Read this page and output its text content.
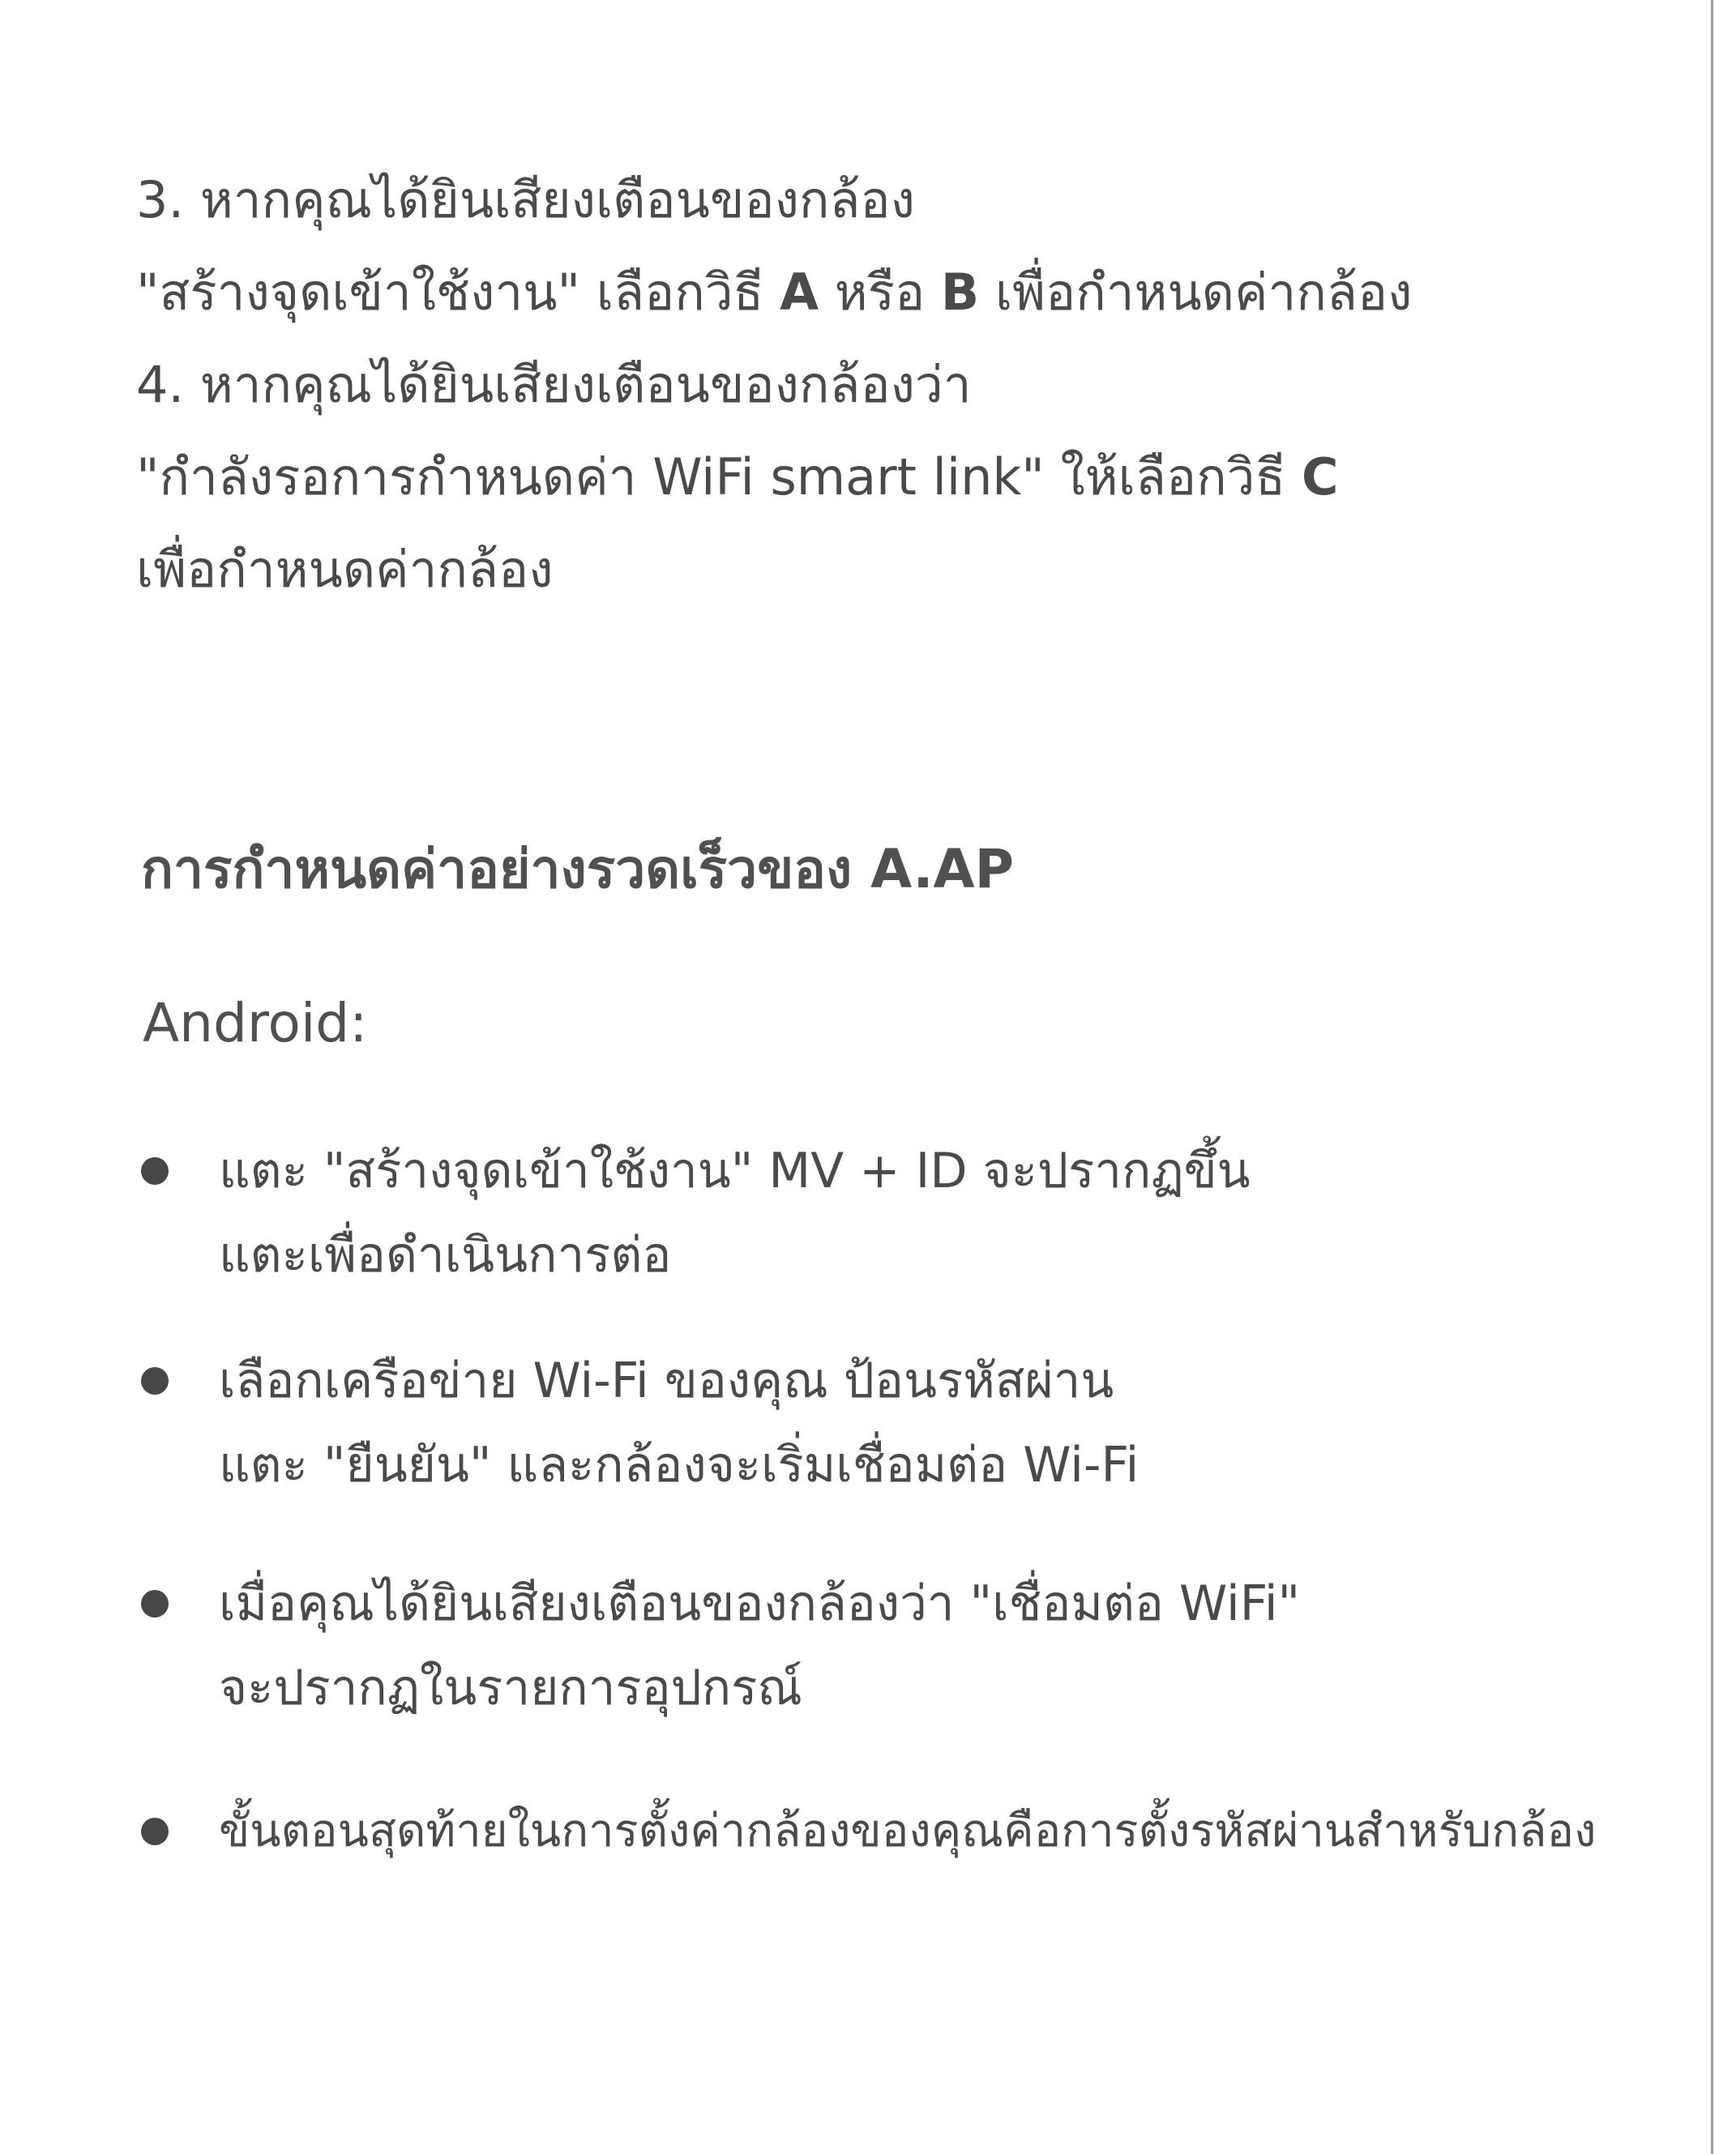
3. หากคุณได้ยินเสียงเตือนของกล้อง
"สร้างจุดเข้าใช้งาน" เลือกวิธี A หรือ B เพื่อกำหนดค่ากล้อง
4. หากคุณได้ยินเสียงเตือนของกล้องว่า
"กำลังรอการกำหนดค่า WiFi smart link" ให้เลือกวิธี C
เพื่อกำหนดค่ากล้อง
การกำหนดค่าอย่างรวดเร็วของ A.AP
Android:
แตะ "สร้างจุดเข้าใช้งาน" MV + ID จะปรากฏขึ้น
แตะเพื่อดำเนินการต่อ
เลือกเครือข่าย Wi-Fi ของคุณ ป้อนรหัสผ่าน
แตะ "ยืนยัน" และกล้องจะเริ่มเชื่อมต่อ Wi-Fi
เมื่อคุณได้ยินเสียงเตือนของกล้องว่า "เชื่อมต่อ WiFi"
จะปรากฏในรายการอุปกรณ์
ขั้นตอนสุดท้ายในการตั้งค่ากล้องของคุณคือการตั้งรหัสผ่านสำหรับกล้อง
